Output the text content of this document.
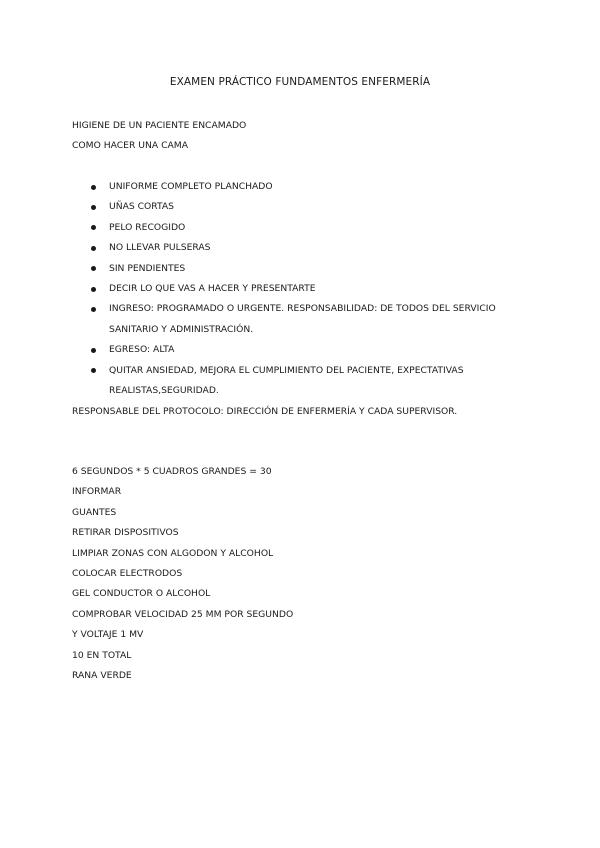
EXAMEN PRÁCTICO FUNDAMENTOS ENFERMERÍA
HIGIENE DE UN PACIENTE ENCAMADO
COMO HACER UNA CAMA
UNIFORME COMPLETO PLANCHADO
UÑAS CORTAS
PELO RECOGIDO
NO LLEVAR PULSERAS
SIN PENDIENTES
DECIR LO QUE VAS A HACER Y PRESENTARTE
INGRESO: PROGRAMADO O URGENTE. RESPONSABILIDAD: DE TODOS DEL SERVICIO SANITARIO Y ADMINISTRACIÓN.
EGRESO: ALTA
QUITAR ANSIEDAD, MEJORA EL CUMPLIMIENTO DEL PACIENTE, EXPECTATIVAS REALISTAS,SEGURIDAD.
RESPONSABLE DEL PROTOCOLO: DIRECCIÓN DE ENFERMERÍA Y CADA SUPERVISOR.
6 SEGUNDOS * 5 CUADROS GRANDES = 30
INFORMAR
GUANTES
RETIRAR DISPOSITIVOS
LIMPIAR ZONAS CON ALGODON Y ALCOHOL
COLOCAR ELECTRODOS
GEL CONDUCTOR O ALCOHOL
COMPROBAR VELOCIDAD 25 MM POR SEGUNDO
Y VOLTAJE 1 MV
10 EN TOTAL
RANA VERDE
